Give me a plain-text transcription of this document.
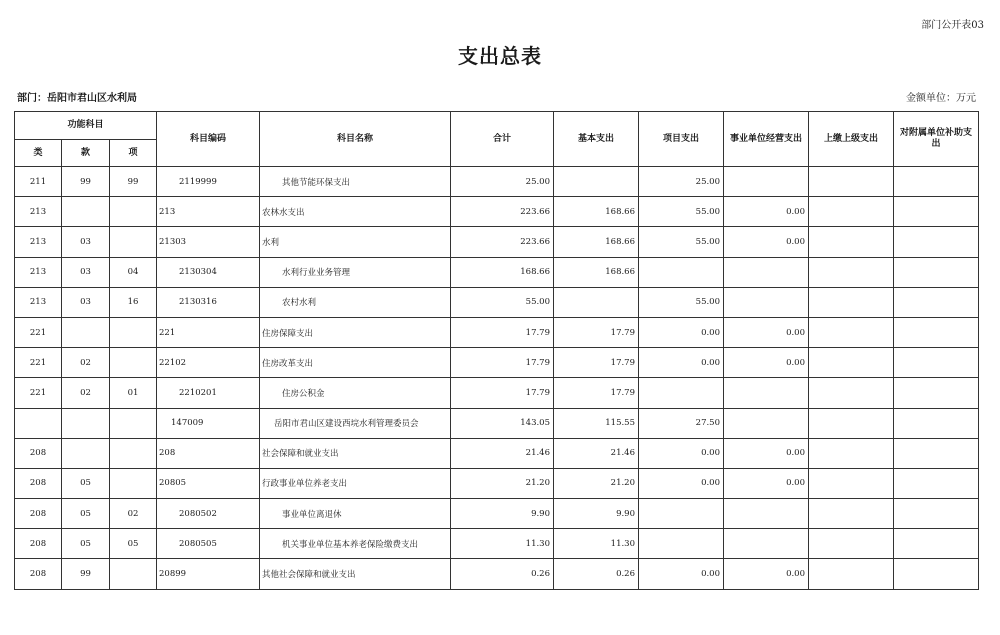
部门公开表03
支出总表
部门：岳阳市君山区水利局	金额单位：万元
功能科目			科目编码	科目名称	合计	基本支出	项目支出	事业单位经营支出	上缴上级支出	对附属单位补助支出
类	款	项								
211	99	99	2119999	其他节能环保支出	25.00		25.00			
213			213	农林水支出	223.66	168.66	55.00	0.00		
213	03		21303	水利	223.66	168.66	55.00	0.00		
213	03	04	2130304	水利行业业务管理	168.66	168.66				
213	03	16	2130316	农村水利	55.00		55.00			
221			221	住房保障支出	17.79	17.79	0.00	0.00		
221	02		22102	住房改革支出	17.79	17.79	0.00	0.00		
221	02	01	2210201	住房公积金	17.79	17.79				
			147009	岳阳市君山区建设西垸水利管理委员会	143.05	115.55	27.50			
208			208	社会保障和就业支出	21.46	21.46	0.00	0.00		
208	05		20805	行政事业单位养老支出	21.20	21.20	0.00	0.00		
208	05	02	2080502	事业单位离退休	9.90	9.90				
208	05	05	2080505	机关事业单位基本养老保险缴费支出	11.30	11.30				
208	99		20899	其他社会保障和就业支出	0.26	0.26	0.00	0.00		
